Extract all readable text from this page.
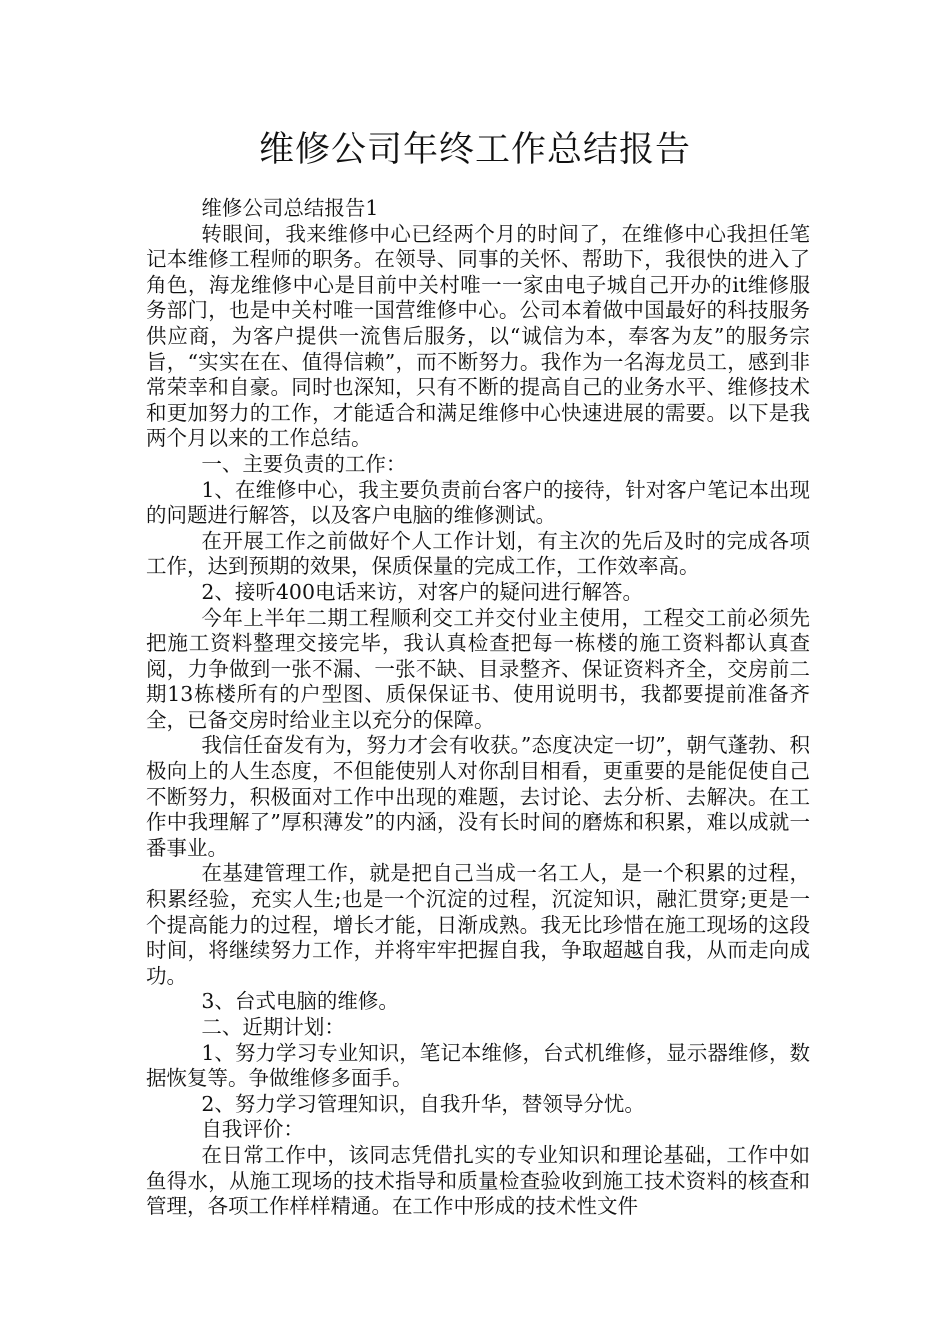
维修公司年终工作总结报告

维修公司总结报告1

转眼间，我来维修中心已经两个月的时间了，在维修中心我担任笔记本维修工程师的职务。在领导、同事的关怀、帮助下，我很快的进入了角色，海龙维修中心是目前中关村唯一一家由电子城自己开办的it维修服务部门，也是中关村唯一国营维修中心。公司本着做中国最好的科技服务供应商，为客户提供一流售后服务，以“诚信为本，奉客为友”的服务宗旨，“实实在在、值得信赖”，而不断努力。我作为一名海龙员工，感到非常荣幸和自豪。同时也深知，只有不断的提高自己的业务水平、维修技术和更加努力的工作，才能适合和满足维修中心快速进展的需要。以下是我两个月以来的工作总结。

一、主要负责的工作：

1、在维修中心，我主要负责前台客户的接待，针对客户笔记本出现的问题进行解答，以及客户电脑的维修测试。

在开展工作之前做好个人工作计划，有主次的先后及时的完成各项工作，达到预期的效果，保质保量的完成工作，工作效率高。

2、接听400电话来访，对客户的疑问进行解答。

今年上半年二期工程顺利交工并交付业主使用，工程交工前必须先把施工资料整理交接完毕，我认真检查把每一栋楼的施工资料都认真查阅，力争做到一张不漏、一张不缺、目录整齐、保证资料齐全，交房前二期13栋楼所有的户型图、质保保证书、使用说明书，我都要提前准备齐全，已备交房时给业主以充分的保障。

我信任奋发有为，努力才会有收获。”态度决定一切”，朝气蓬勃、积极向上的人生态度，不但能使别人对你刮目相看，更重要的是能促使自己不断努力，积极面对工作中出现的难题，去讨论、去分析、去解决。在工作中我理解了”厚积薄发”的内涵，没有长时间的磨炼和积累，难以成就一番事业。

在基建管理工作，就是把自己当成一名工人，是一个积累的过程，积累经验，充实人生;也是一个沉淀的过程，沉淀知识，融汇贯穿;更是一个提高能力的过程，增长才能，日渐成熟。我无比珍惜在施工现场的这段时间，将继续努力工作，并将牢牢把握自我，争取超越自我，从而走向成功。

3、台式电脑的维修。

二、近期计划：

1、努力学习专业知识，笔记本维修，台式机维修，显示器维修，数据恢复等。争做维修多面手。

2、努力学习管理知识，自我升华，替领导分忧。

自我评价：

在日常工作中，该同志凭借扎实的专业知识和理论基础，工作中如鱼得水，从施工现场的技术指导和质量检查验收到施工技术资料的核查和管理，各项工作样样精通。在工作中形成的技术性文件
